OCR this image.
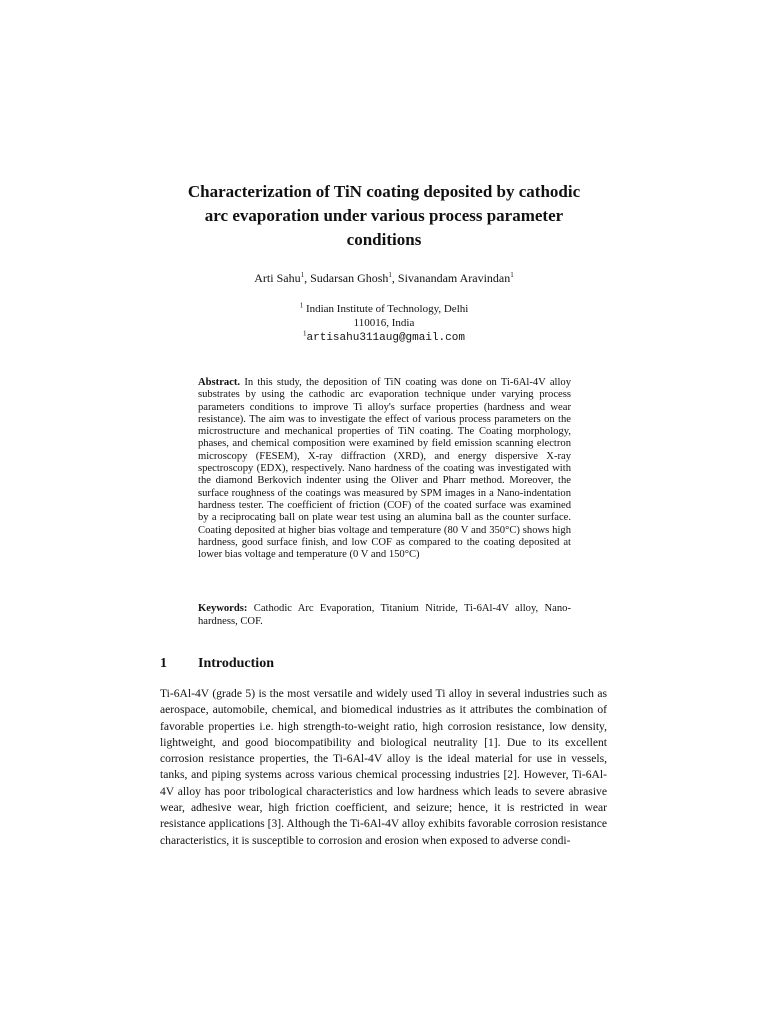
Characterization of TiN coating deposited by cathodic
arc evaporation under various process parameter
conditions
Arti Sahu$^1$, Sudarsan Ghosh$^1$, Sivanandam Aravindan$^1$
$^1$ Indian Institute of Technology, Delhi
110016, India
$^1$artisahu311aug@gmail.com

Abstract. In this study, the deposition of TiN coating was done on Ti-6Al-4V alloy substrates by using the cathodic arc evaporation technique under varying process parameters conditions to improve Ti alloy's surface properties (hardness and wear resistance). The aim was to investigate the effect of various process parameters on the microstructure and mechanical properties of TiN coating. The Coating morphology, phases, and chemical composition were examined by field emission scanning electron microscopy (FESEM), X-ray diffraction (XRD), and energy dispersive X-ray spectroscopy (EDX), respectively. Nano hardness of the coating was investigated with the diamond Berkovich indenter using the Oliver and Pharr method. Moreover, the surface roughness of the coatings was measured by SPM images in a Nano-indentation hardness tester. The coefficient of friction (COF) of the coated surface was examined by a reciprocating ball on plate wear test using an alumina ball as the counter surface. Coating deposited at higher bias voltage and temperature (80 V and 350°C) shows high hardness, good surface finish, and low COF as compared to the coating deposited at lower bias voltage and temperature (0 V and 150°C)

Keywords: Cathodic Arc Evaporation, Titanium Nitride, Ti-6Al-4V alloy, Nano-hardness, COF.

1 Introduction

Ti-6Al-4V (grade 5) is the most versatile and widely used Ti alloy in several industries such as aerospace, automobile, chemical, and biomedical industries as it attributes the combination of favorable properties i.e. high strength-to-weight ratio, high corrosion resistance, low density, lightweight, and good biocompatibility and biological neutrality [1]. Due to its excellent corrosion resistance properties, the Ti-6Al-4V alloy is the ideal material for use in vessels, tanks, and piping systems across various chemical processing industries [2]. However, Ti-6Al-4V alloy has poor tribological characteristics and low hardness which leads to severe abrasive wear, adhesive wear, high friction coefficient, and seizure; hence, it is restricted in wear resistance applications [3]. Although the Ti-6Al-4V alloy exhibits favorable corrosion resistance characteristics, it is susceptible to corrosion and erosion when exposed to adverse condi-
